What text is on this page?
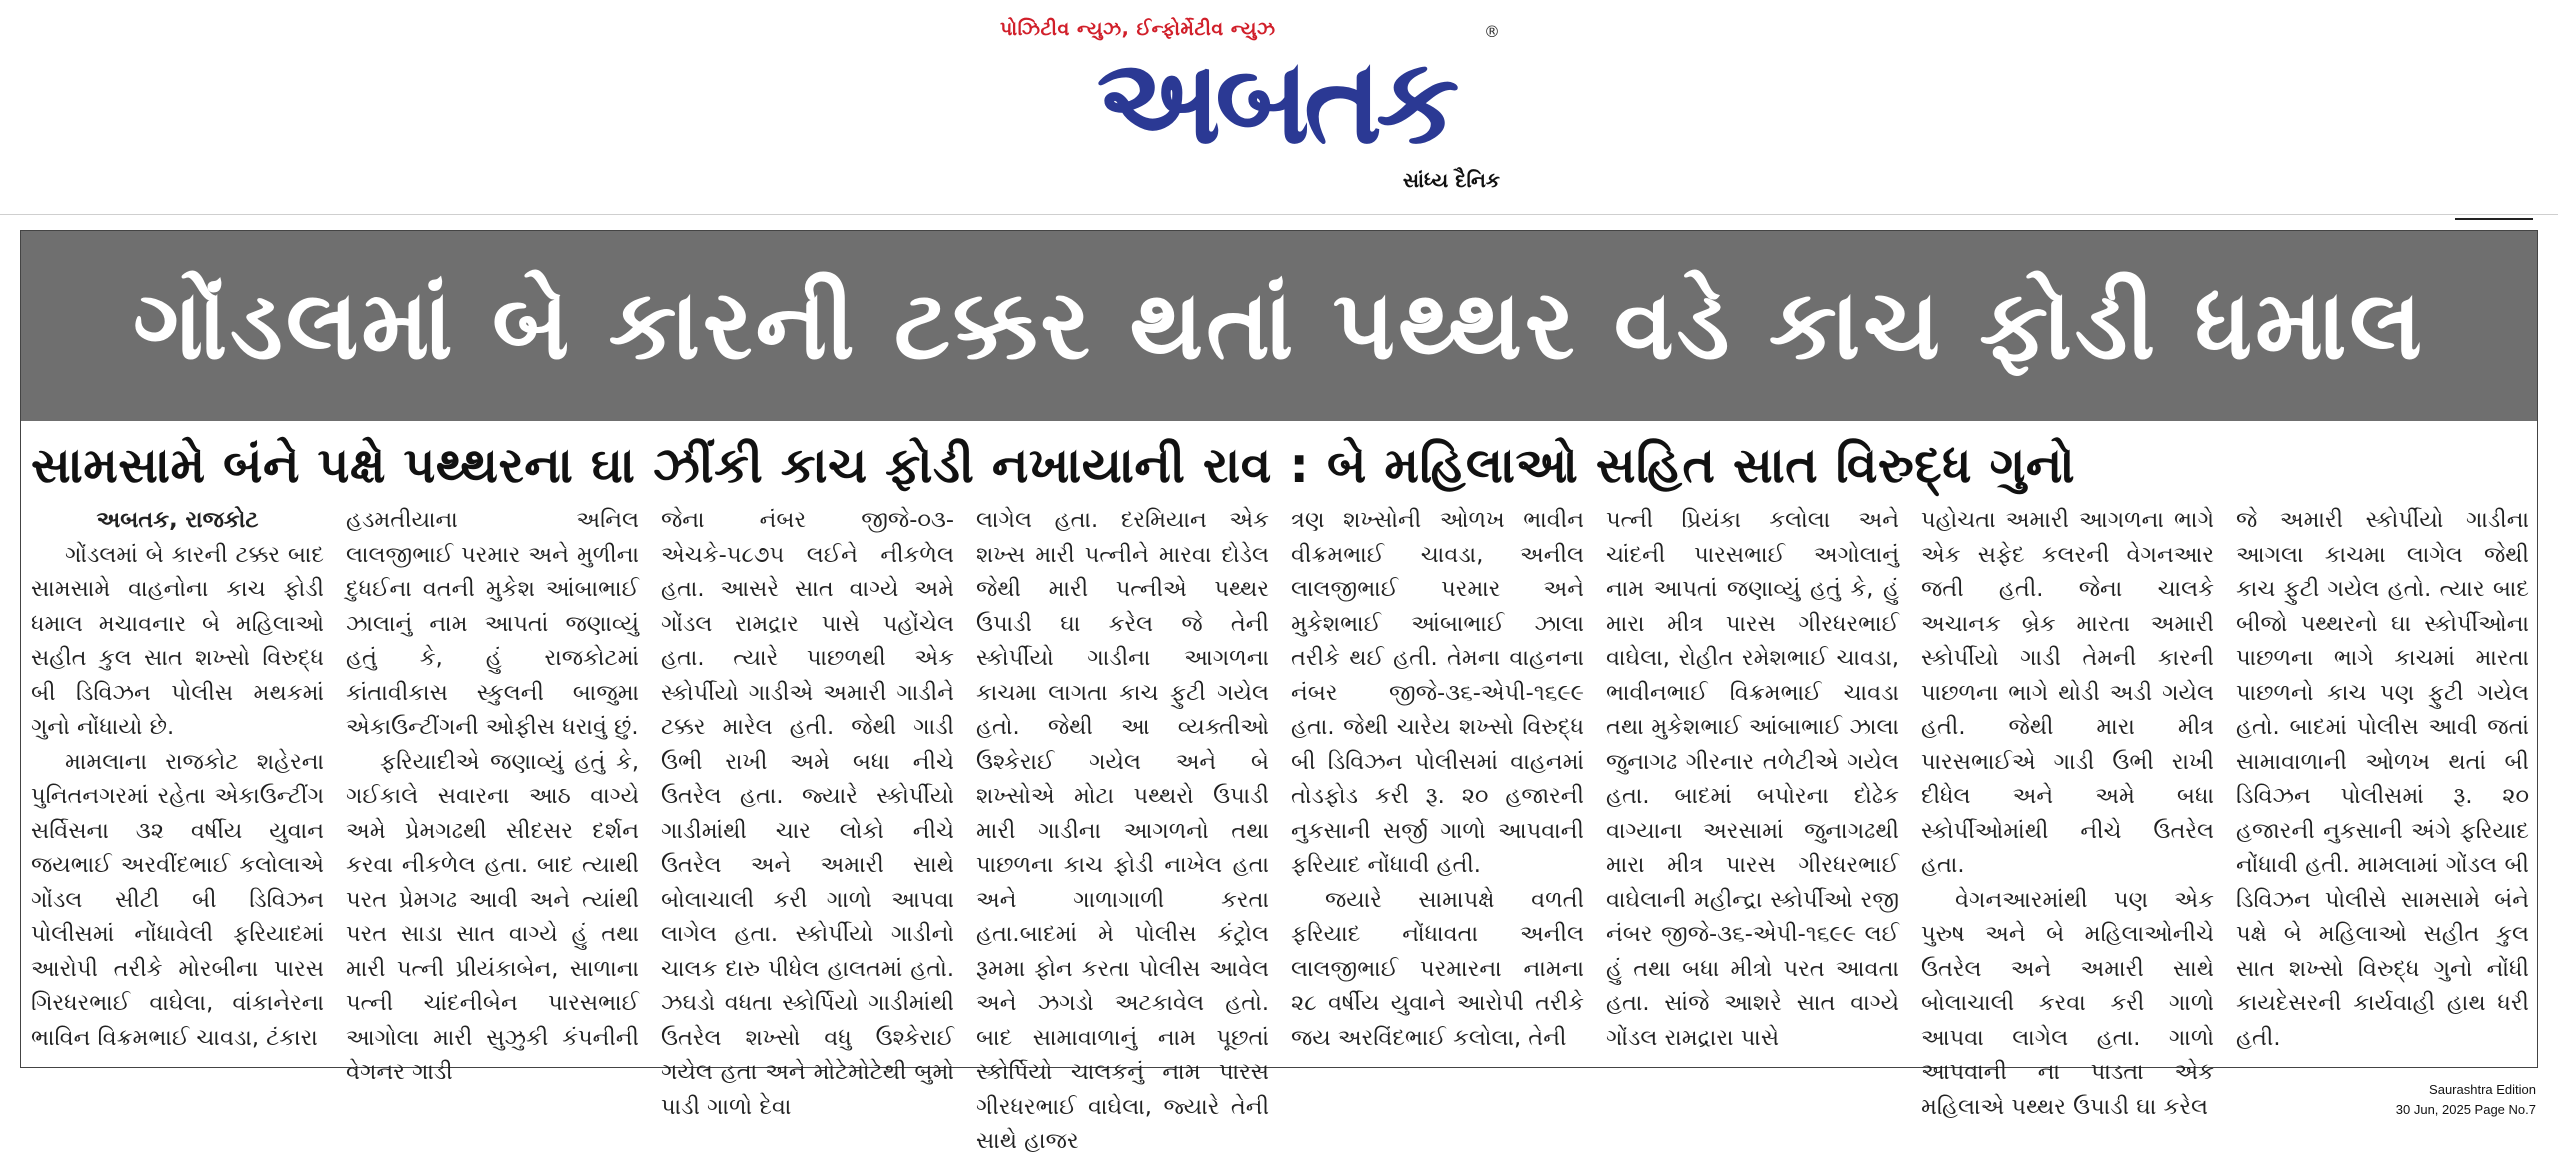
પોઝિટીવ ન્યુઝ, ઈન્ફોર્મેટીવ ન્યુઝ
અબતક
®
સાંધ્ય દૈનિક
ગોંડલમાં બે કારની ટક્કર થતાં પથ્થર વડે કાચ ફોડી ધમાલ
સામસામે બંને પક્ષે પથ્થરના ઘા ઝીંકી કાચ ફોડી નખાયાની રાવ : બે મહિલાઓ સહિત સાત વિરુદ્ધ ગુનો
અબતક, રાજકોટ

ગોંડલમાં બે કારની ટક્કર બાદ સામસામે વાહનોના કાચ ફોડી ધમાલ મચાવનાર બે મહિલાઓ સહીત કુલ સાત શખ્સો વિરુદ્ધ બી ડિવિઝન પોલીસ મથકમાં ગુનો નોંધાયો છે.

મામલાના રાજકોટ શહેરના પુનિતનગરમાં રહેતા એકાઉન્ટીંગ સર્વિસના ૩૨ વર્ષીય યુવાન જયભાઈ અરવીંદભાઈ કલોલાએ ગોંડલ સીટી બી ડિવિઝન પોલીસમાં નોંધાવેલી ફરિયાદમાં આરોપી તરીકે મોરબીના પારસ ગિરધરભાઈ વાઘેલા, વાંકાનેરના ભાવિન વિક્રમભાઈ ચાવડા, ટંકારા

હડમતીયાના અનિલ લાલજીભાઈ પરમાર અને મુળીના દુધઈના વતની મુકેશ આંબાભાઈ ઝાલાનું નામ આપતાં જણાવ્યું હતું કે, હું રાજકોટમાં કાંતાવીકાસ સ્કુલની બાજુમા એકાઉન્ટીંગની ઓફીસ ધરાવું છું.

ફરિયાદીએ જણાવ્યું હતું કે, ગઈકાલે સવારના આઠ વાગ્યે અમે પ્રેમગઢથી સીદસર દર્શન કરવા નીકળેલ હતા. બાદ ત્યાથી પરત પ્રેમગઢ આવી અને ત્યાંથી પરત સાડા સાત વાગ્યે હું તથા મારી પત્ની પ્રીયંકાબેન, સાળાના પત્ની ચાંદનીબેન પારસભાઈ આગોલા મારી સુઝુકી કંપનીની વેગનર ગાડી

જેના નંબર જીજે-૦૩-એચકે-૫૮૭૫ લઈને નીકળેલ હતા. આસરે સાત વાગ્યે અમે ગોંડલ રામદ્રાર પાસે પહોંચેલ હતા. ત્યારે પાછળથી એક સ્કોર્પીયો ગાડીએ અમારી ગાડીને ટક્કર મારેલ હતી. જેથી ગાડી ઉભી રાખી અમે બધા નીચે ઉતરેલ હતા. જ્યારે સ્કોર્પીયો ગાડીમાંથી ચાર લોકો નીચે ઉતરેલ અને અમારી સાથે બોલાચાલી કરી ગાળો આપવા લાગેલ હતા. સ્કોર્પીયો ગાડીનો ચાલક દારુ પીધેલ હાલતમાં હતો. ઝઘડો વધતા સ્કોર્પિયો ગાડીમાંથી ઉતરેલ શખ્સો વધુ ઉશ્કેરાઈ ગયેલ હતા અને મોટેમોટેથી બુમો પાડી ગાળો દેવા

લાગેલ હતા. દરમિયાન એક શખ્સ મારી પત્નીને મારવા દોડેલ જેથી મારી પત્નીએ પથ્થર ઉપાડી ઘા કરેલ જે તેની સ્કોર્પીયો ગાડીના આગળના કાચમા લાગતા કાચ ફુટી ગયેલ હતો. જેથી આ વ્યક્તીઓ ઉશ્કેરાઈ ગયેલ અને બે શખ્સોએ મોટા પથ્થરો ઉપાડી મારી ગાડીના આગળનો તથા પાછળના કાચ ફોડી નાખેલ હતા અને ગાળાગાળી કરતા હતા.બાદમાં મે પોલીસ કંટ્રોલ રૂમમા ફોન કરતા પોલીસ આવેલ અને ઝગડો અટકાવેલ હતો. બાદ સામાવાળાનું નામ પૂછતાં સ્કોર્પિયો ચાલકનું નામ પારસ ગીરધરભાઈ વાઘેલા, જ્યારે તેની સાથે હાજર

ત્રણ શખ્સોની ઓળખ ભાવીન વીક્રમભાઈ ચાવડા, અનીલ લાલજીભાઈ પરમાર અને મુકેશભાઈ આંબાભાઈ ઝાલા તરીકે થઈ હતી. તેમના વાહનના નંબર જીજે-૩૬-એપી-૧૬૯૯ હતા. જેથી ચારેય શખ્સો વિરુદ્ધ બી ડિવિઝન પોલીસમાં વાહનમાં તોડફોડ કરી રૂ. ૨૦ હજારની નુકસાની સર્જી ગાળો આપવાની ફરિયાદ નોંધાવી હતી.

જયારે સામાપક્ષે વળતી ફરિયાદ નોંધાવતા અનીલ લાલજીભાઈ પરમારના નામના ૨૮ વર્ષીય યુવાને આરોપી તરીકે જય અરવિંદભાઈ કલોલા, તેની

પત્ની પ્રિયંકા કલોલા અને ચાંદની પારસભાઈ અગોલાનું નામ આપતાં જણાવ્યું હતું કે, હું મારા મીત્ર પારસ ગીરધરભાઈ વાઘેલા, રોહીત રમેશભાઈ ચાવડા, ભાવીનભાઈ વિક્રમભાઈ ચાવડા તથા મુકેશભાઈ આંબાભાઈ ઝાલા જુનાગઢ ગીરનાર તળેટીએ ગયેલ હતા. બાદમાં બપોરના દોઢેક વાગ્યાના અરસામાં જુનાગઢથી મારા મીત્ર પારસ ગીરધરભાઈ વાઘેલાની મહીન્દ્રા સ્કોર્પીઓ રજી નંબર જીજે-૩૬-એપી-૧૬૯૯ લઈ હું તથા બધા મીત્રો પરત આવતા હતા. સાંજે આશરે સાત વાગ્યે ગોંડલ રામદ્રારા પાસે

પહોચતા અમારી આગળના ભાગે એક સફેદ કલરની વેગનઆર જતી હતી. જેના ચાલકે અચાનક બ્રેક મારતા અમારી સ્કોર્પીયો ગાડી તેમની કારની પાછળના ભાગે થોડી અડી ગયેલ હતી. જેથી મારા મીત્ર પારસભાઈએ ગાડી ઉભી રાખી દીધેલ અને અમે બધા સ્કોર્પીઓમાંથી નીચે ઉતરેલ હતા.

વેગનઆરમાંથી પણ એક પુરુષ અને બે મહિલાઓનીચે ઉતરેલ અને અમારી સાથે બોલાચાલી કરવા કરી ગાળો આપવા લાગેલ હતા. ગાળો આપવાની ના પાડતા એક મહિલાએ પથ્થર ઉપાડી ઘા કરેલ

જે અમારી સ્કોર્પીયો ગાડીના આગલા કાચમા લાગેલ જેથી કાચ ફુટી ગયેલ હતો. ત્યાર બાદ બીજો પથ્થરનો ઘા સ્કોર્પીઓના પાછળના ભાગે કાચમાં મારતા પાછળનો કાચ પણ ફુટી ગયેલ હતો. બાદમાં પોલીસ આવી જતાં સામાવાળાની ઓળખ થતાં બી ડિવિઝન પોલીસમાં રૂ. ૨૦ હજારની નુકસાની અંગે ફરિયાદ નોંધાવી હતી. મામલામાં ગોંડલ બી ડિવિઝન પોલીસે સામસામે બંને પક્ષે બે મહિલાઓ સહીત કુલ સાત શખ્સો વિરુદ્ધ ગુનો નોંધી કાયદેસરની કાર્યવાહી હાથ ધરી હતી.

Saurashtra Edition
30 Jun, 2025 Page No.7
